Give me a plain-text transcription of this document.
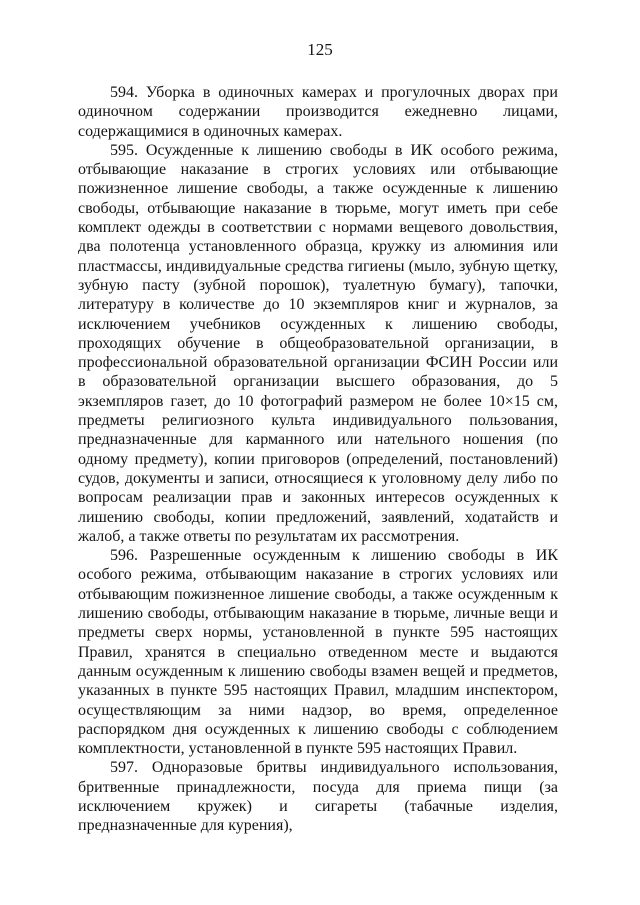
125

594. Уборка в одиночных камерах и прогулочных дворах при одиночном содержании производится ежедневно лицами, содержащимися в одиночных камерах.

595. Осужденные к лишению свободы в ИК особого режима, отбывающие наказание в строгих условиях или отбывающие пожизненное лишение свободы, а также осужденные к лишению свободы, отбывающие наказание в тюрьме, могут иметь при себе комплект одежды в соответствии с нормами вещевого довольствия, два полотенца установленного образца, кружку из алюминия или пластмассы, индивидуальные средства гигиены (мыло, зубную щетку, зубную пасту (зубной порошок), туалетную бумагу), тапочки, литературу в количестве до 10 экземпляров книг и журналов, за исключением учебников осужденных к лишению свободы, проходящих обучение в общеобразовательной организации, в профессиональной образовательной организации ФСИН России или в образовательной организации высшего образования, до 5 экземпляров газет, до 10 фотографий размером не более 10×15 см, предметы религиозного культа индивидуального пользования, предназначенные для карманного или нательного ношения (по одному предмету), копии приговоров (определений, постановлений) судов, документы и записи, относящиеся к уголовному делу либо по вопросам реализации прав и законных интересов осужденных к лишению свободы, копии предложений, заявлений, ходатайств и жалоб, а также ответы по результатам их рассмотрения.

596. Разрешенные осужденным к лишению свободы в ИК особого режима, отбывающим наказание в строгих условиях или отбывающим пожизненное лишение свободы, а также осужденным к лишению свободы, отбывающим наказание в тюрьме, личные вещи и предметы сверх нормы, установленной в пункте 595 настоящих Правил, хранятся в специально отведенном месте и выдаются данным осужденным к лишению свободы взамен вещей и предметов, указанных в пункте 595 настоящих Правил, младшим инспектором, осуществляющим за ними надзор, во время, определенное распорядком дня осужденных к лишению свободы с соблюдением комплектности, установленной в пункте 595 настоящих Правил.

597. Одноразовые бритвы индивидуального использования, бритвенные принадлежности, посуда для приема пищи (за исключением кружек) и сигареты (табачные изделия, предназначенные для курения),
